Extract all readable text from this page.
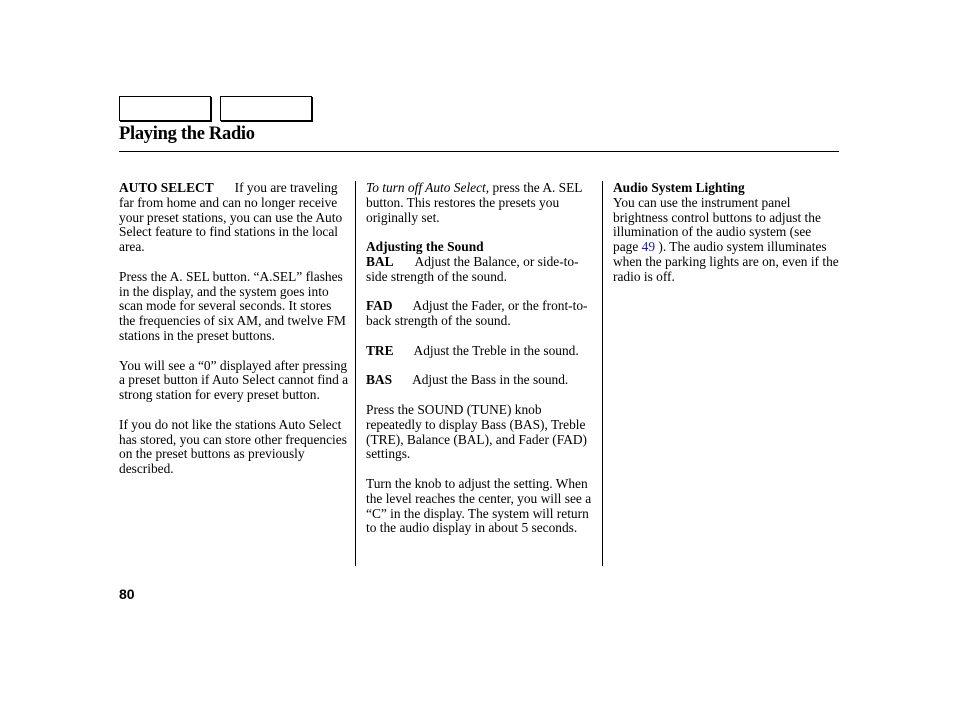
Playing the Radio

AUTO SELECT If you are traveling far from home and can no longer receive your preset stations, you can use the Auto Select feature to find stations in the local area.

Press the A. SEL button. “A.SEL” flashes in the display, and the system goes into scan mode for several seconds. It stores the frequencies of six AM, and twelve FM stations in the preset buttons.

You will see a “0” displayed after pressing a preset button if Auto Select cannot find a strong station for every preset button.

If you do not like the stations Auto Select has stored, you can store other frequencies on the preset buttons as previously described.

To turn off Auto Select, press the A. SEL button. This restores the presets you originally set.

Adjusting the Sound

BAL Adjust the Balance, or side-to-side strength of the sound.

FAD Adjust the Fader, or the front-to-back strength of the sound.

TRE Adjust the Treble in the sound.

BAS Adjust the Bass in the sound.

Press the SOUND (TUNE) knob repeatedly to display Bass (BAS), Treble (TRE), Balance (BAL), and Fader (FAD) settings.

Turn the knob to adjust the setting. When the level reaches the center, you will see a “C” in the display. The system will return to the audio display in about 5 seconds.

Audio System Lighting

You can use the instrument panel brightness control buttons to adjust the illumination of the audio system (see page 49 ). The audio system illuminates when the parking lights are on, even if the radio is off.

80
